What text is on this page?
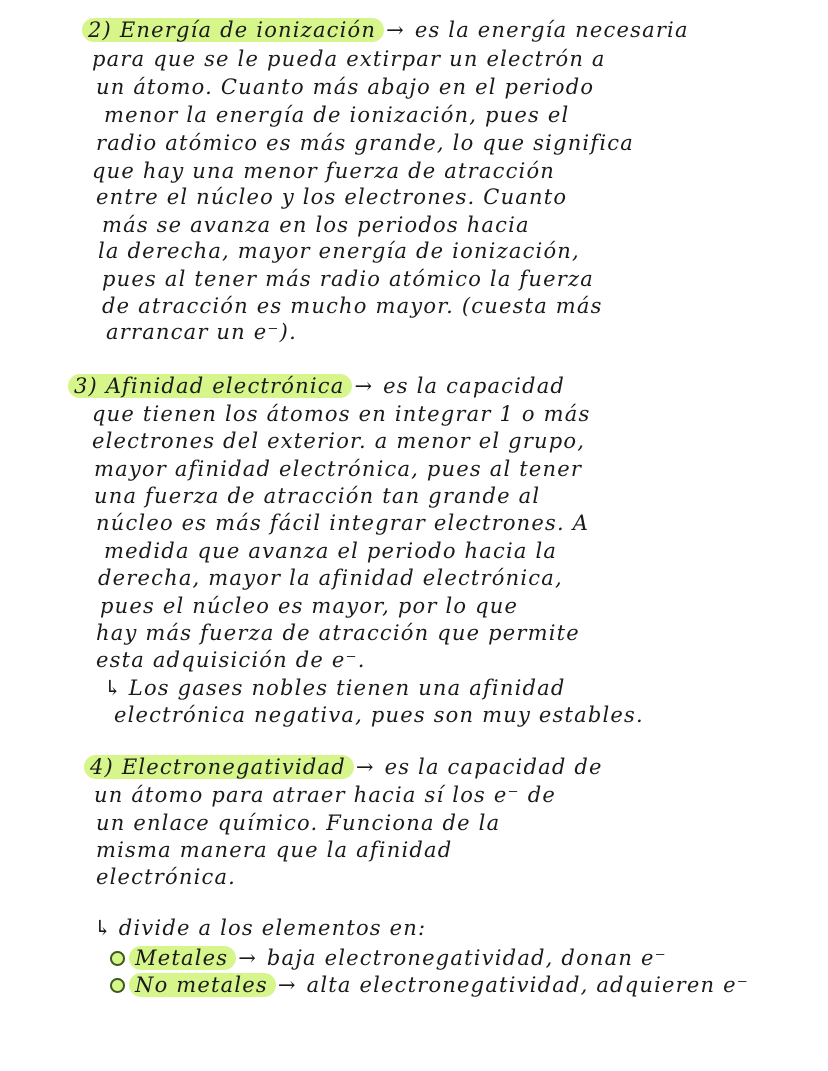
2) Energía de ionización → es la energía necesaria
para que se le pueda extirpar un electrón a
un átomo. Cuanto más abajo en el periodo
menor la energía de ionización, pues el
radio atómico es más grande, lo que significa
que hay una menor fuerza de atracción
entre el núcleo y los electrones. Cuanto
más se avanza en los periodos hacia
la derecha, mayor energía de ionización,
pues al tener más radio atómico la fuerza
de atracción es mucho mayor. (cuesta más
arrancar un e⁻).
3) Afinidad electrónica → es la capacidad
que tienen los átomos en integrar 1 o más
electrones del exterior. a menor el grupo,
mayor afinidad electrónica, pues al tener
una fuerza de atracción tan grande al
núcleo es más fácil integrar electrones. A
medida que avanza el periodo hacia la
derecha, mayor la afinidad electrónica,
pues el núcleo es mayor, por lo que
hay más fuerza de atracción que permite
esta adquisición de e⁻.
↳ Los gases nobles tienen una afinidad
electrónica negativa, pues son muy estables.
4) Electronegatividad → es la capacidad de
un átomo para atraer hacia sí los e⁻ de
un enlace químico. Funciona de la
misma manera que la afinidad
electrónica.
↳ divide a los elementos en:
Metales → baja electronegatividad, donan e⁻
No metales → alta electronegatividad, adquieren e⁻
